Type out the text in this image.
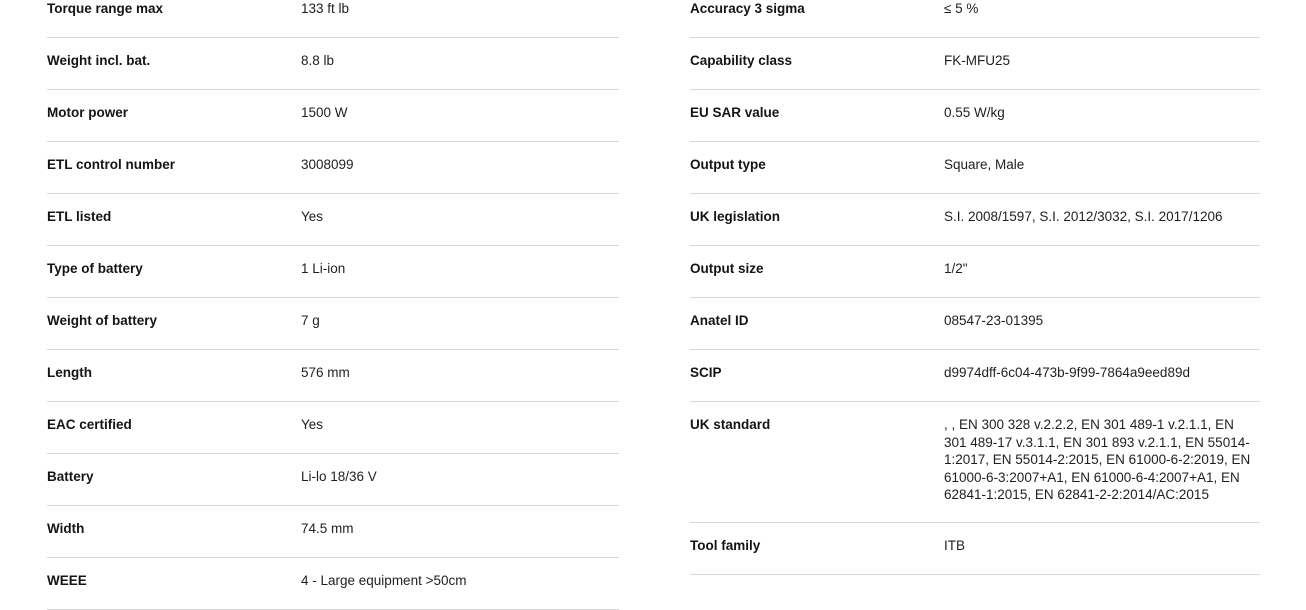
Torque range max	133 ft lb
Weight incl. bat.	8.8 lb
Motor power	1500 W
ETL control number	3008099
ETL listed	Yes
Type of battery	1 Li-ion
Weight of battery	7 g
Length	576 mm
EAC certified	Yes
Battery	Li-lo 18/36 V
Width	74.5 mm
WEEE	4 - Large equipment >50cm
Accuracy 3 sigma	≤ 5 %
Capability class	FK-MFU25
EU SAR value	0.55 W/kg
Output type	Square, Male
UK legislation	S.I. 2008/1597, S.I. 2012/3032, S.I. 2017/1206
Output size	1/2"
Anatel ID	08547-23-01395
SCIP	d9974dff-6c04-473b-9f99-7864a9eed89d
UK standard	, , EN 300 328 v.2.2.2, EN 301 489-1 v.2.1.1, EN 301 489-17 v.3.1.1, EN 301 893 v.2.1.1, EN 55014-1:2017, EN 55014-2:2015, EN 61000-6-2:2019, EN 61000-6-3:2007+A1, EN 61000-6-4:2007+A1, EN 62841-1:2015, EN 62841-2-2:2014/AC:2015
Tool family	ITB
